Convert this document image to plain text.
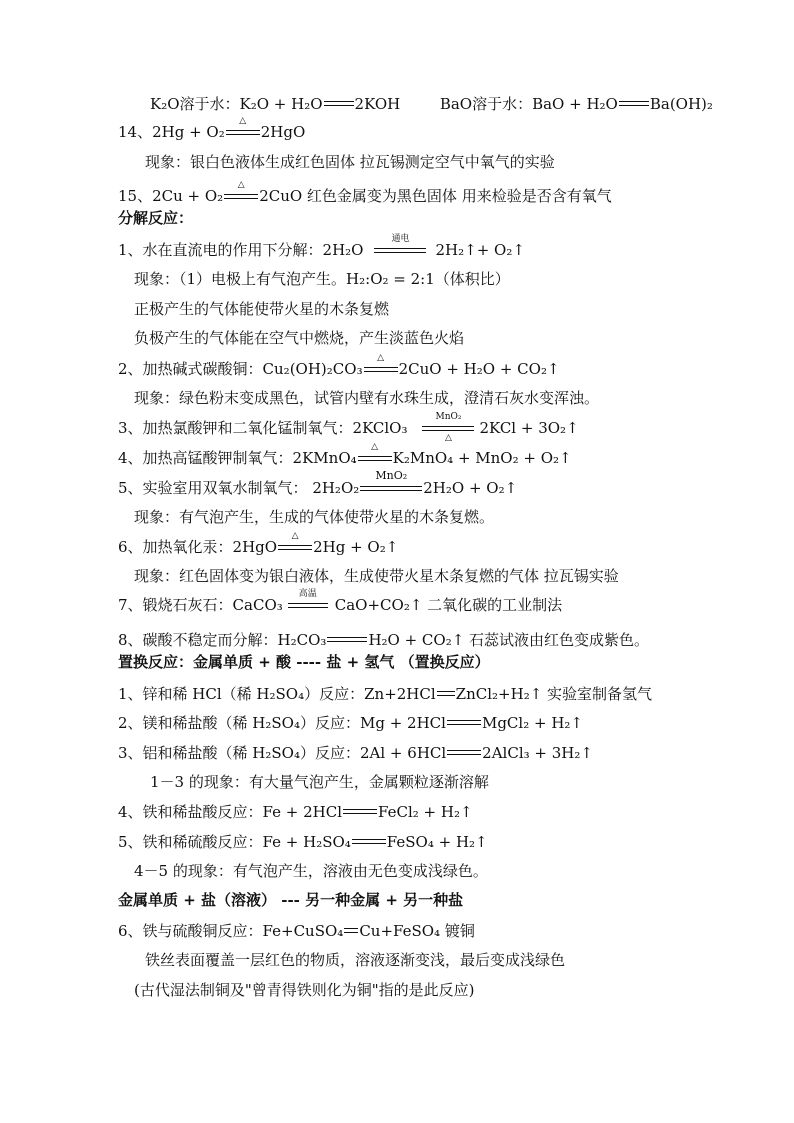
K₂O溶于水：K₂O + H₂O 2KOH	BaO溶于水：BaO + H₂O Ba(OH)₂
14、2Hg + O₂
△
2HgO
现象：银白色液体生成红色固体 拉瓦锡测定空气中氧气的实验
15、2Cu + O₂
△
2CuO 红色金属变为黑色固体 用来检验是否含有氧气
分解反应：
1、水在直流电的作用下分解：2H₂O
通电
2H₂↑+ O₂↑
现象：（1）电极上有气泡产生。H₂:O₂ = 2:1（体积比）
正极产生的气体能使带火星的木条复燃
负极产生的气体能在空气中燃烧，产生淡蓝色火焰
2、加热碱式碳酸铜：Cu₂(OH)₂CO₃
△
2CuO + H₂O + CO₂↑
现象：绿色粉末变成黑色，试管内壁有水珠生成，澄清石灰水变浑浊。
3、加热氯酸钾和二氧化锰制氧气：2KClO₃
MnO₂
△
2KCl + 3O₂↑
4、加热高锰酸钾制氧气：2KMnO₄
△
K₂MnO₄ + MnO₂ + O₂↑
5、实验室用双氧水制氧气： 2H₂O₂
MnO₂
2H₂O + O₂↑
现象：有气泡产生，生成的气体使带火星的木条复燃。
6、加热氧化汞：2HgO
△
2Hg + O₂↑
现象：红色固体变为银白液体，生成使带火星木条复燃的气体 拉瓦锡实验
7、锻烧石灰石：CaCO₃
高温
CaO+CO₂↑ 二氧化碳的工业制法
8、碳酸不稳定而分解：H₂CO₃	H₂O + CO₂↑ 石蕊试液由红色变成紫色。
置换反应：金属单质 + 酸 ---- 盐 + 氢气 （置换反应）
1、锌和稀 HCl（稀 H₂SO₄）反应：Zn+2HCl ZnCl₂+H₂↑ 实验室制备氢气
2、镁和稀盐酸（稀 H₂SO₄）反应：Mg + 2HCl MgCl₂ + H₂↑
3、铝和稀盐酸（稀 H₂SO₄）反应：2Al + 6HCl 2AlCl₃ + 3H₂↑
1－3 的现象：有大量气泡产生，金属颗粒逐渐溶解
4、铁和稀盐酸反应：Fe + 2HCl FeCl₂ + H₂↑
5、铁和稀硫酸反应：Fe + H₂SO₄ FeSO₄ + H₂↑
4－5 的现象：有气泡产生，溶液由无色变成浅绿色。
金属单质 + 盐（溶液） --- 另一种金属 + 另一种盐
6、铁与硫酸铜反应：Fe+CuSO₄ Cu+FeSO₄ 镀铜
铁丝表面覆盖一层红色的物质，溶液逐渐变浅，最后变成浅绿色
(古代湿法制铜及"曾青得铁则化为铜"指的是此反应)
